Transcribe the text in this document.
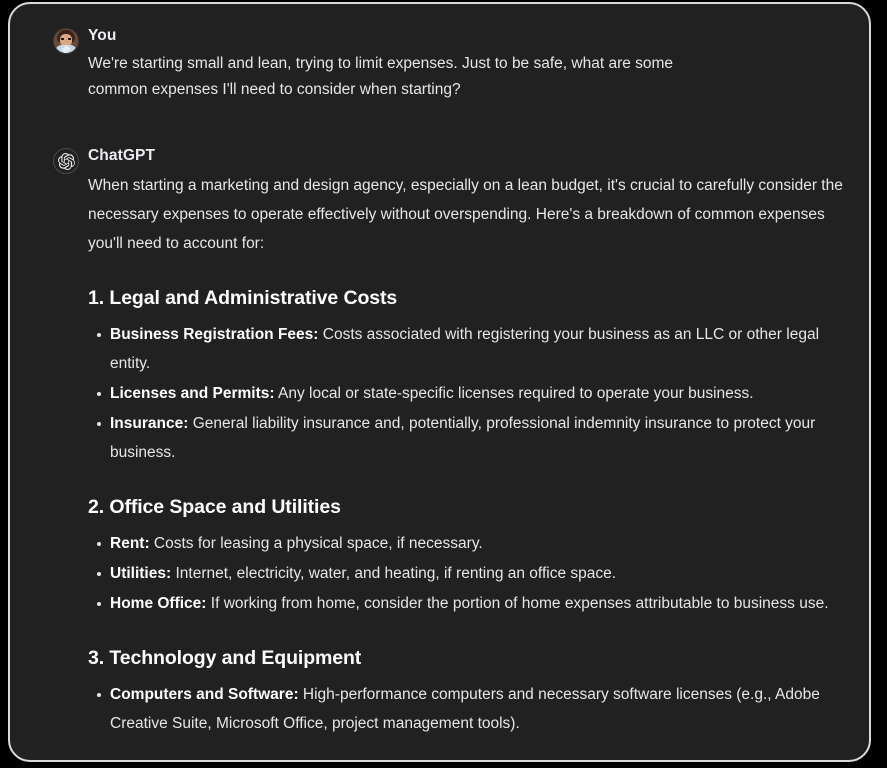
You

We're starting small and lean, trying to limit expenses. Just to be safe, what are some common expenses I'll need to consider when starting?

ChatGPT

When starting a marketing and design agency, especially on a lean budget, it's crucial to carefully consider the necessary expenses to operate effectively without overspending. Here's a breakdown of common expenses you'll need to account for:

1. Legal and Administrative Costs
Business Registration Fees: Costs associated with registering your business as an LLC or other legal entity.
Licenses and Permits: Any local or state-specific licenses required to operate your business.
Insurance: General liability insurance and, potentially, professional indemnity insurance to protect your business.
2. Office Space and Utilities
Rent: Costs for leasing a physical space, if necessary.
Utilities: Internet, electricity, water, and heating, if renting an office space.
Home Office: If working from home, consider the portion of home expenses attributable to business use.
3. Technology and Equipment
Computers and Software: High-performance computers and necessary software licenses (e.g., Adobe Creative Suite, Microsoft Office, project management tools).
